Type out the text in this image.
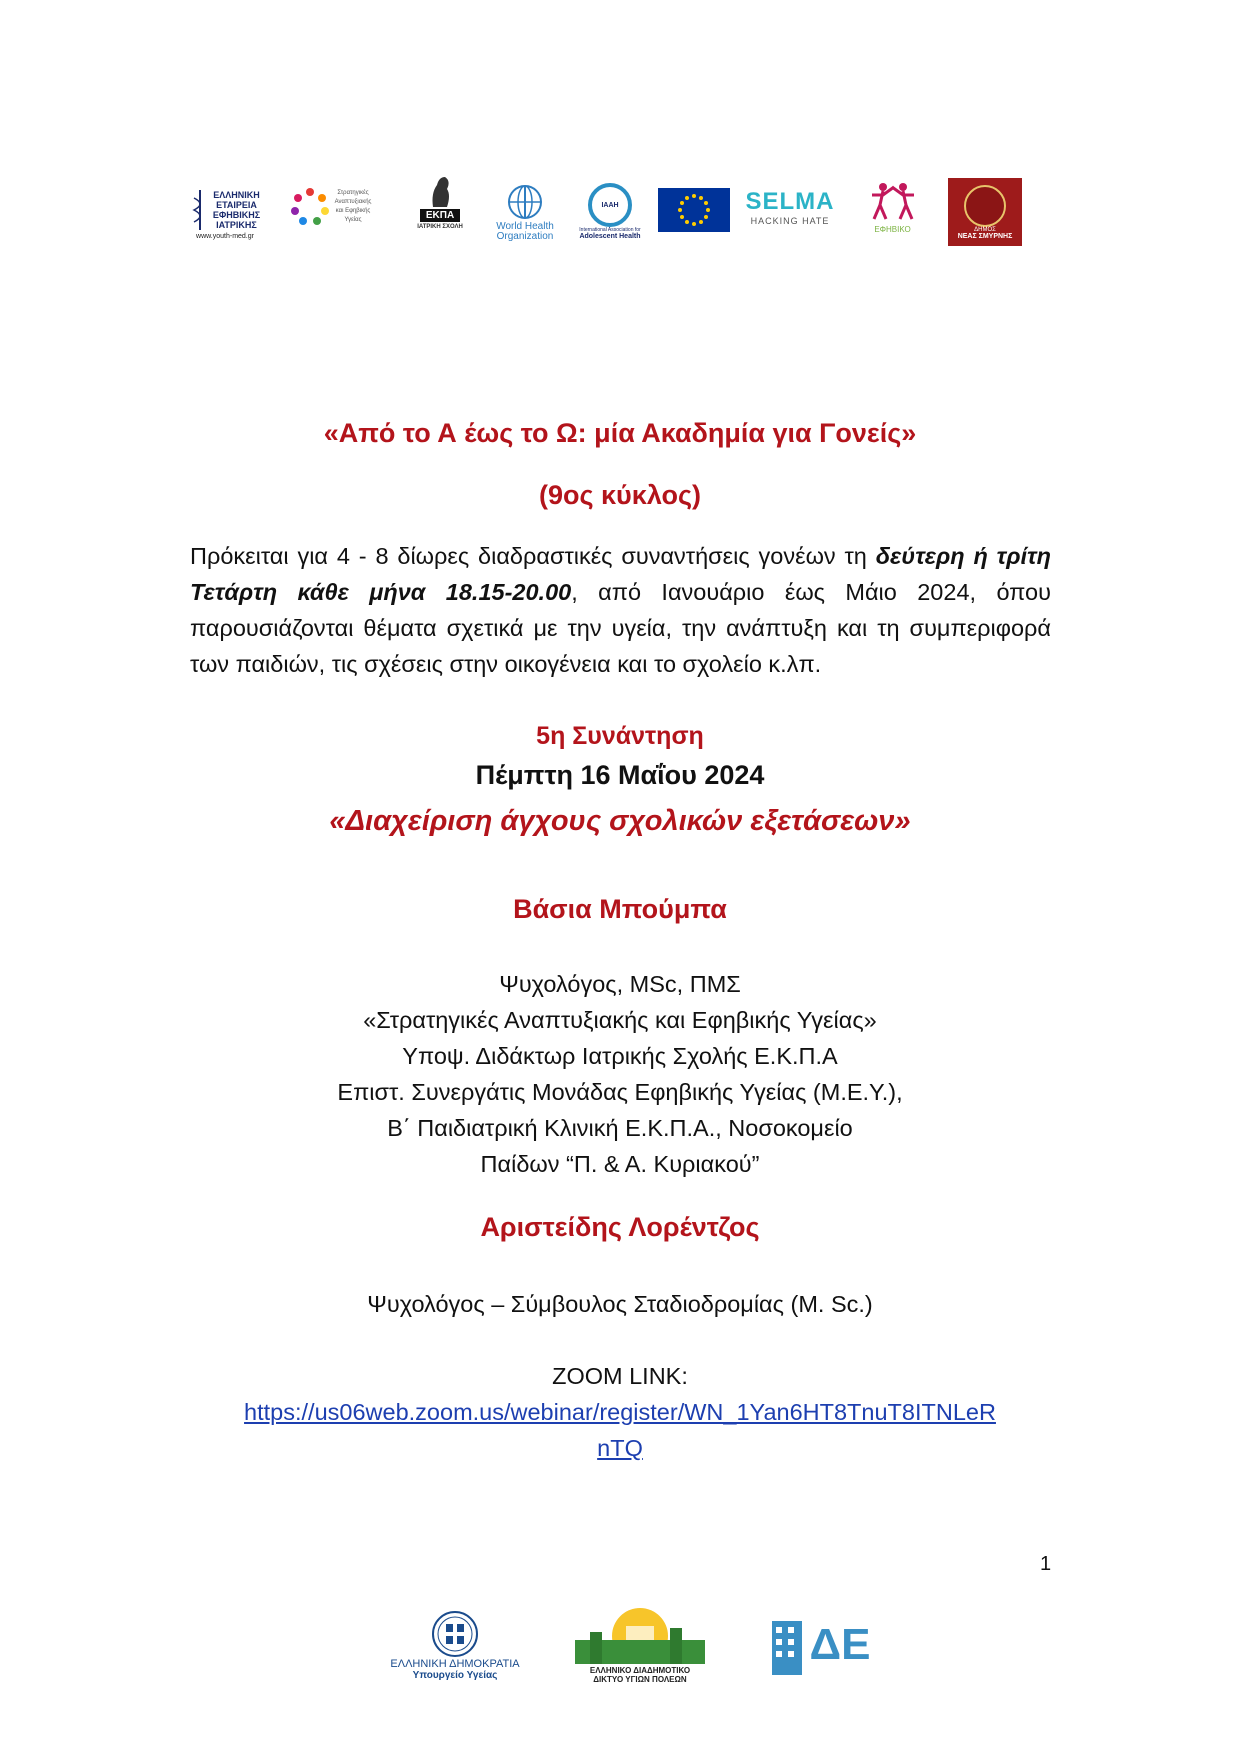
ΕΛΛΗΝΙΚΗ
ΕΤΑΙΡΕΙΑ
ΕΦΗΒΙΚΗΣ
ΙΑΤΡΙΚΗΣ
www.youth-med.gr
Στρατηγικές
Αναπτυξιακής
και Εφηβικής
Υγείας	ΕΚΠΑ
ΙΑΤΡΙΚΗ ΣΧΟΛΗ	World Health
Organization
IAAH
International Association for
Adolescent Health
SELMA
HACKING HATE
ΕΦΗΒΙΚΟ	ΔΗΜΟΣ
ΝΕΑΣ ΣΜΥΡΝΗΣ
«Από το Α έως το Ω: μία Ακαδημία για Γονείς»
(9ος κύκλος)
Πρόκειται για 4 - 8 δίωρες διαδραστικές συναντήσεις γονέων τη δεύτερη ή τρίτη Τετάρτη κάθε μήνα 18.15-20.00, από Ιανουάριο έως Μάιο 2024, όπου παρουσιάζονται θέματα σχετικά με την υγεία, την ανάπτυξη και τη συμπεριφορά των παιδιών, τις σχέσεις στην οικογένεια και το σχολείο κ.λπ.
5η Συνάντηση
Πέμπτη 16 Μαΐου 2024
«Διαχείριση άγχους σχολικών εξετάσεων»
Βάσια Μπούμπα
Ψυχολόγος, MSc, ΠΜΣ
«Στρατηγικές Αναπτυξιακής και Εφηβικής Υγείας»
Υποψ. Διδάκτωρ Ιατρικής Σχολής Ε.Κ.Π.Α
Επιστ. Συνεργάτις Μονάδας Εφηβικής Υγείας (Μ.Ε.Υ.),
Β΄ Παιδιατρική Κλινική Ε.Κ.Π.Α., Νοσοκομείο
Παίδων “Π. & Α. Κυριακού”
Αριστείδης Λορέντζος
Ψυχολόγος – Σύμβουλος Σταδιοδρομίας (M. Sc.)
ZOOM LINK:
https://us06web.zoom.us/webinar/register/WN_1Yan6HT8TnuT8ITNLeR
nTQ
1
ΕΛΛΗΝΙΚΗ ΔΗΜΟΚΡΑΤΙΑ
Υπουργείο Υγείας	ΕΛΛΗΝΙΚΟ ΔΙΑΔΗΜΟΤΙΚΟ
ΔΙΚΤΥΟ ΥΓΙΩΝ ΠΟΛΕΩΝ
ΔΕ
